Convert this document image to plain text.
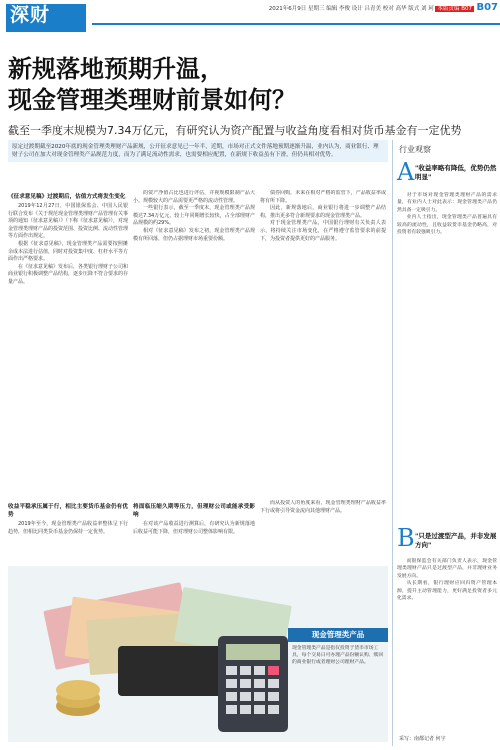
深财
从"钱"到"美"
2021年6月9日 星期三 编辑 李俊 设计 吕青美 校对 高华 版式 刘 珂 本版责编 B07 B07
新规落地预期升温，
现金管理类理财前景如何？
截至一季度末规模为7.34万亿元，有研究认为资产配置与收益角度看相对货币基金有一定优势
原定过渡期截至2020年底的现金管理类理财产品新规，公开征求意见已一年半，近期，市场对正式文件落地预期逐渐升温，业内认为，商业银行、理财子公司在加大对现金管理类产品规范力度，而为了满足流动性需求，也需要相应配置，在新规下收益虽有下滑，但仍具相对优势。
《征求意见稿》过渡期后，估值方式将发生变化

2019年12月27日，中国银保监会、中国人民银行联合发布《关于规范现金管理类理财产品管理有关事项的通知（征求意见稿）》（下称《征求意见稿》），对现金管理类理财产品的投资范围、投资比例、流动性管理等方面作出规定。

根据《征求意见稿》，现金管理类产品需要按照摊余成本法进行估值，同时对投资集中度、杠杆水平等方面作出严格要求。

在《征求意见稿》发布后，各类银行理财子公司和商业银行积极调整产品结构，逐步压降不符合要求的存量产品。

的资产净值占比也进行评估，并视规模限制产品大小。规模较大的产品需要更严格的流动性管理。

一些银行表示，截至一季度末，现金管理类产品规模达7.34万亿元，较上年同期增长较快，占全部理财产品规模的约29%。

相对《征求意见稿》发布之初，现金管理类产品规模有所回落，但仍占据理财市场重要份额。

债券回购，未来在相对严格的监管下，产品收益率或将有所下降。

因此，新规落地后，商业银行将进一步调整产品结构，推出更多符合新规要求的现金管理类产品。

对于现金管理类产品，中国银行理财有关负责人表示，将持续关注市场变化，在严格遵守监管要求的前提下，为投资者提供更好的产品服务。

收益平稳承压属于行，相比主要货币基金仍有优势

2019年至今，现金管理类产品收益率整体呈下行趋势，但相比同类货币基金仍保持一定优势。

将面临压缩久期等压力，但理财公司或能承受影响

在对该产品收益进行测算后，有研究认为新规落地后收益可能下降，但对理财公司整体影响有限。

而从投资人的角度来看，现金管理类理财产品收益率下行或将引导资金流向其他理财产品。

现金管理类产品
现金管理类产品是指仅投资于货币市场工具，每个交易日可办理产品份额认购、赎回的商业银行或者理财公司理财产品。
行业观察
A "收益率略有降低，优势仍然明显"

对于市场对现金管理类理财产品的需求量，有业内人士对此表示：现金管理类产品仍然具备一定吸引力。

业内人士指出，现金管理类产品普遍具有较高的流动性，且收益较货币基金仍略高，对投资者有较强吸引力。

B "只是过渡型产品，并非发展方向"

而银保监会有关部门负责人表示，现金管理类理财产品只是过渡型产品，并非理财业务发展方向。

从长期看，银行理财应回归资产管理本源，提升主动管理能力，更好满足投资者多元化需求。

采写：南都记者 何宇
